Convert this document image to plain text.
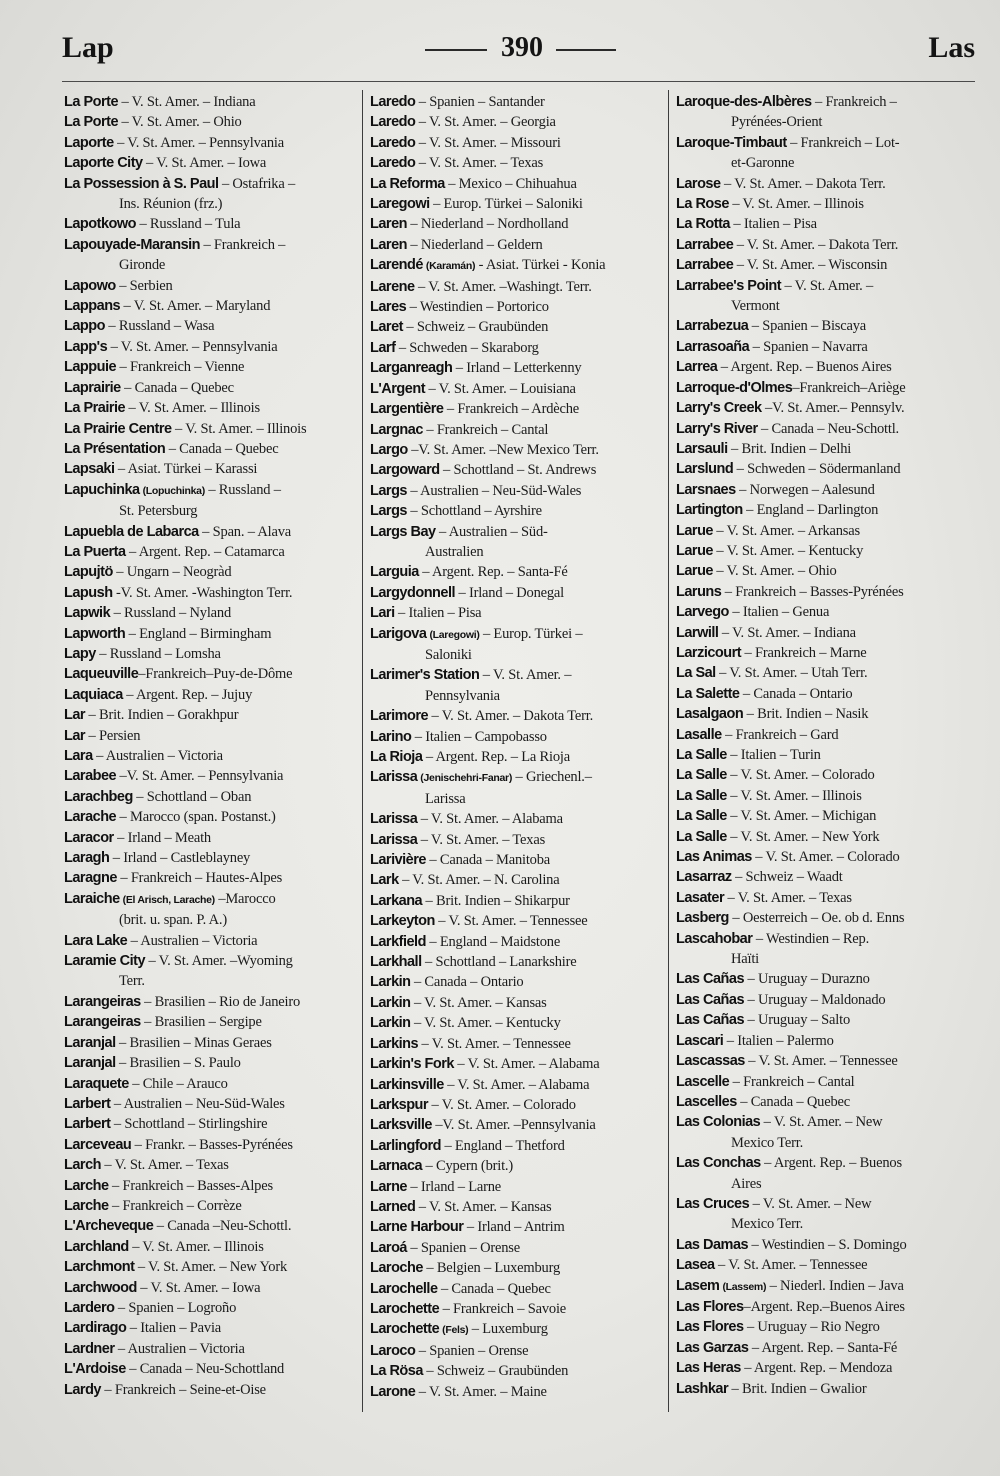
Lap	390	Las
La Porte – V. St. Amer. – Indiana
La Porte – V. St. Amer. – Ohio
Laporte – V. St. Amer. – Pennsylvania
Laporte City – V. St. Amer. – Iowa
La Possession à S. Paul – Ostafrika –
Ins. Réunion (frz.)
Lapotkowo – Russland – Tula
Lapouyade-Maransin – Frankreich –
Gironde
Lapowo – Serbien
Lappans – V. St. Amer. – Maryland
Lappo – Russland – Wasa
Lapp's – V. St. Amer. – Pennsylvania
Lappuie – Frankreich – Vienne
Laprairie – Canada – Quebec
La Prairie – V. St. Amer. – Illinois
La Prairie Centre – V. St. Amer. – Illinois
La Présentation – Canada – Quebec
Lapsaki – Asiat. Türkei – Karassi
Lapuchinka (Lopuchinka) – Russland –
St. Petersburg
Lapuebla de Labarca – Span. – Alava
La Puerta – Argent. Rep. – Catamarca
Lapujtö – Ungarn – Neogràd
Lapush -V. St. Amer. -Washington Terr.
Lapwik – Russland – Nyland
Lapworth – England – Birmingham
Lapy – Russland – Lomsha
Laqueuville–Frankreich–Puy-de-Dôme
Laquiaca – Argent. Rep. – Jujuy
Lar – Brit. Indien – Gorakhpur
Lar – Persien
Lara – Australien – Victoria
Larabee –V. St. Amer. – Pennsylvania
Larachbeg – Schottland – Oban
Larache – Marocco (span. Postanst.)
Laracor – Irland – Meath
Laragh – Irland – Castleblayney
Laragne – Frankreich – Hautes-Alpes
Laraiche (El Arisch, Larache) –Marocco
(brit. u. span. P. A.)
Lara Lake – Australien – Victoria
Laramie City – V. St. Amer. –Wyoming
Terr.
Larangeiras – Brasilien – Rio de Janeiro
Larangeiras – Brasilien – Sergipe
Laranjal – Brasilien – Minas Geraes
Laranjal – Brasilien – S. Paulo
Laraquete – Chile – Arauco
Larbert – Australien – Neu-Süd-Wales
Larbert – Schottland – Stirlingshire
Larceveau – Frankr. – Basses-Pyrénées
Larch – V. St. Amer. – Texas
Larche – Frankreich – Basses-Alpes
Larche – Frankreich – Corrèze
L'Archeveque – Canada –Neu-Schottl.
Larchland – V. St. Amer. – Illinois
Larchmont – V. St. Amer. – New York
Larchwood – V. St. Amer. – Iowa
Lardero – Spanien – Logroño
Lardirago – Italien – Pavia
Lardner – Australien – Victoria
L'Ardoise – Canada – Neu-Schottland
Lardy – Frankreich – Seine-et-Oise
Laredo – Spanien – Santander
Laredo – V. St. Amer. – Georgia
Laredo – V. St. Amer. – Missouri
Laredo – V. St. Amer. – Texas
La Reforma – Mexico – Chihuahua
Laregowi – Europ. Türkei – Saloniki
Laren – Niederland – Nordholland
Laren – Niederland – Geldern
Larendé (Karamán) - Asiat. Türkei - Konia
Larene – V. St. Amer. –Washingt. Terr.
Lares – Westindien – Portorico
Laret – Schweiz – Graubünden
Larf – Schweden – Skaraborg
Larganreagh – Irland – Letterkenny
L'Argent – V. St. Amer. – Louisiana
Largentière – Frankreich – Ardèche
Largnac – Frankreich – Cantal
Largo –V. St. Amer. –New Mexico Terr.
Largoward – Schottland – St. Andrews
Largs – Australien – Neu-Süd-Wales
Largs – Schottland – Ayrshire
Largs Bay – Australien – Süd-
Australien
Larguia – Argent. Rep. – Santa-Fé
Largydonnell – Irland – Donegal
Lari – Italien – Pisa
Larigova (Laregowi) – Europ. Türkei –
Saloniki
Larimer's Station – V. St. Amer. –
Pennsylvania
Larimore – V. St. Amer. – Dakota Terr.
Larino – Italien – Campobasso
La Rioja – Argent. Rep. – La Rioja
Larissa (Jenischehri-Fanar) – Griechenl.–
Larissa
Larissa – V. St. Amer. – Alabama
Larissa – V. St. Amer. – Texas
Larivière – Canada – Manitoba
Lark – V. St. Amer. – N. Carolina
Larkana – Brit. Indien – Shikarpur
Larkeyton – V. St. Amer. – Tennessee
Larkfield – England – Maidstone
Larkhall – Schottland – Lanarkshire
Larkin – Canada – Ontario
Larkin – V. St. Amer. – Kansas
Larkin – V. St. Amer. – Kentucky
Larkins – V. St. Amer. – Tennessee
Larkin's Fork – V. St. Amer. – Alabama
Larkinsville – V. St. Amer. – Alabama
Larkspur – V. St. Amer. – Colorado
Larksville –V. St. Amer. –Pennsylvania
Larlingford – England – Thetford
Larnaca – Cypern (brit.)
Larne – Irland – Larne
Larned – V. St. Amer. – Kansas
Larne Harbour – Irland – Antrim
Laroá – Spanien – Orense
Laroche – Belgien – Luxemburg
Larochelle – Canada – Quebec
Larochette – Frankreich – Savoie
Larochette (Fels) – Luxemburg
Laroco – Spanien – Orense
La Rösa – Schweiz – Graubünden
Larone – V. St. Amer. – Maine
Laroque-des-Albères – Frankreich –
Pyrénées-Orient
Laroque-Timbaut – Frankreich – Lot-
et-Garonne
Larose – V. St. Amer. – Dakota Terr.
La Rose – V. St. Amer. – Illinois
La Rotta – Italien – Pisa
Larrabee – V. St. Amer. – Dakota Terr.
Larrabee – V. St. Amer. – Wisconsin
Larrabee's Point – V. St. Amer. –
Vermont
Larrabezua – Spanien – Biscaya
Larrasoaña – Spanien – Navarra
Larrea – Argent. Rep. – Buenos Aires
Larroque-d'Olmes–Frankreich–Ariège
Larry's Creek –V. St. Amer.– Pennsylv.
Larry's River – Canada – Neu-Schottl.
Larsauli – Brit. Indien – Delhi
Larslund – Schweden – Södermanland
Larsnaes – Norwegen – Aalesund
Lartington – England – Darlington
Larue – V. St. Amer. – Arkansas
Larue – V. St. Amer. – Kentucky
Larue – V. St. Amer. – Ohio
Laruns – Frankreich – Basses-Pyrénées
Larvego – Italien – Genua
Larwill – V. St. Amer. – Indiana
Larzicourt – Frankreich – Marne
La Sal – V. St. Amer. – Utah Terr.
La Salette – Canada – Ontario
Lasalgaon – Brit. Indien – Nasik
Lasalle – Frankreich – Gard
La Salle – Italien – Turin
La Salle – V. St. Amer. – Colorado
La Salle – V. St. Amer. – Illinois
La Salle – V. St. Amer. – Michigan
La Salle – V. St. Amer. – New York
Las Animas – V. St. Amer. – Colorado
Lasarraz – Schweiz – Waadt
Lasater – V. St. Amer. – Texas
Lasberg – Oesterreich – Oe. ob d. Enns
Lascahobar – Westindien – Rep.
Haïti
Las Cañas – Uruguay – Durazno
Las Cañas – Uruguay – Maldonado
Las Cañas – Uruguay – Salto
Lascari – Italien – Palermo
Lascassas – V. St. Amer. – Tennessee
Lascelle – Frankreich – Cantal
Lascelles – Canada – Quebec
Las Colonias – V. St. Amer. – New
Mexico Terr.
Las Conchas – Argent. Rep. – Buenos
Aires
Las Cruces – V. St. Amer. – New
Mexico Terr.
Las Damas – Westindien – S. Domingo
Lasea – V. St. Amer. – Tennessee
Lasem (Lassem) – Niederl. Indien – Java
Las Flores–Argent. Rep.–Buenos Aires
Las Flores – Uruguay – Rio Negro
Las Garzas – Argent. Rep. – Santa-Fé
Las Heras – Argent. Rep. – Mendoza
Lashkar – Brit. Indien – Gwalior
